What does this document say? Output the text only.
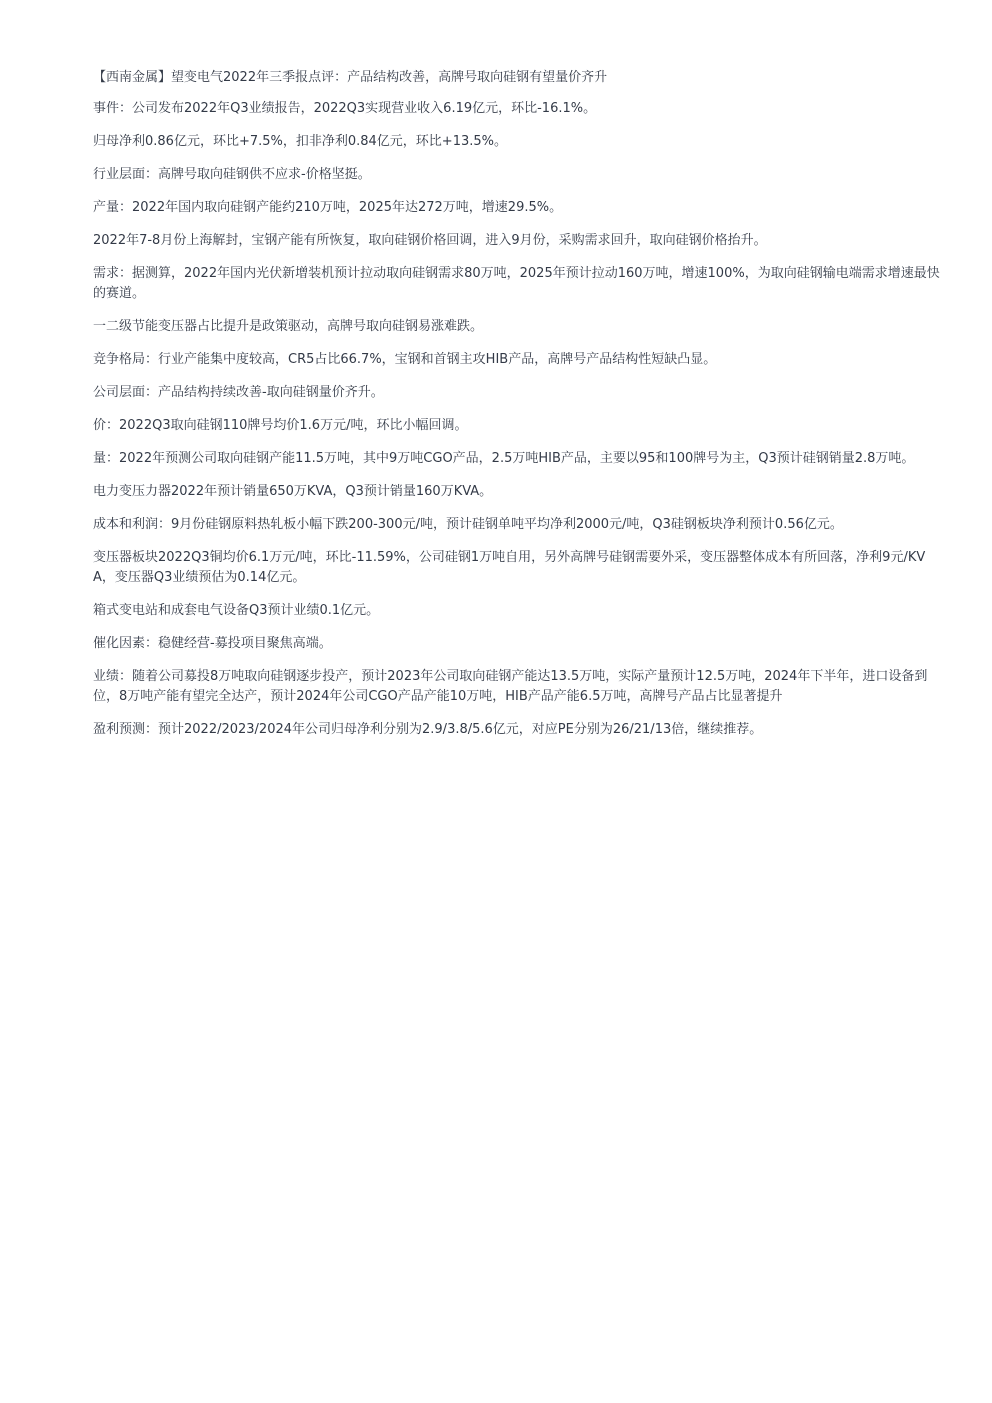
【西南金属】望变电气2022年三季报点评：产品结构改善，高牌号取向硅钢有望量价齐升

事件：公司发布2022年Q3业绩报告，2022Q3实现营业收入6.19亿元，环比-16.1%。

归母净利0.86亿元，环比+7.5%，扣非净利0.84亿元，环比+13.5%。

行业层面：高牌号取向硅钢供不应求-价格坚挺。

产量：2022年国内取向硅钢产能约210万吨，2025年达272万吨，增速29.5%。

2022年7-8月份上海解封，宝钢产能有所恢复，取向硅钢价格回调，进入9月份，采购需求回升，取向硅钢价格抬升。

需求：据测算，2022年国内光伏新增装机预计拉动取向硅钢需求80万吨，2025年预计拉动160万吨，增速100%，为取向硅钢输电端需求增速最快的赛道。

一二级节能变压器占比提升是政策驱动，高牌号取向硅钢易涨难跌。

竞争格局：行业产能集中度较高，CR5占比66.7%，宝钢和首钢主攻HIB产品，高牌号产品结构性短缺凸显。

公司层面：产品结构持续改善-取向硅钢量价齐升。

价：2022Q3取向硅钢110牌号均价1.6万元/吨，环比小幅回调。

量：2022年预测公司取向硅钢产能11.5万吨，其中9万吨CGO产品，2.5万吨HIB产品，主要以95和100牌号为主，Q3预计硅钢销量2.8万吨。

电力变压力器2022年预计销量650万KVA，Q3预计销量160万KVA。

成本和利润：9月份硅钢原料热轧板小幅下跌200-300元/吨，预计硅钢单吨平均净利2000元/吨，Q3硅钢板块净利预计0.56亿元。

变压器板块2022Q3铜均价6.1万元/吨，环比-11.59%，公司硅钢1万吨自用，另外高牌号硅钢需要外采，变压器整体成本有所回落，净利9元/KVA，变压器Q3业绩预估为0.14亿元。

箱式变电站和成套电气设备Q3预计业绩0.1亿元。

催化因素：稳健经营-募投项目聚焦高端。

业绩：随着公司募投8万吨取向硅钢逐步投产，预计2023年公司取向硅钢产能达13.5万吨，实际产量预计12.5万吨，2024年下半年，进口设备到位，8万吨产能有望完全达产，预计2024年公司CGO产品产能10万吨，HIB产品产能6.5万吨，高牌号产品占比显著提升

盈利预测：预计2022/2023/2024年公司归母净利分别为2.9/3.8/5.6亿元，对应PE分别为26/21/13倍，继续推荐。
